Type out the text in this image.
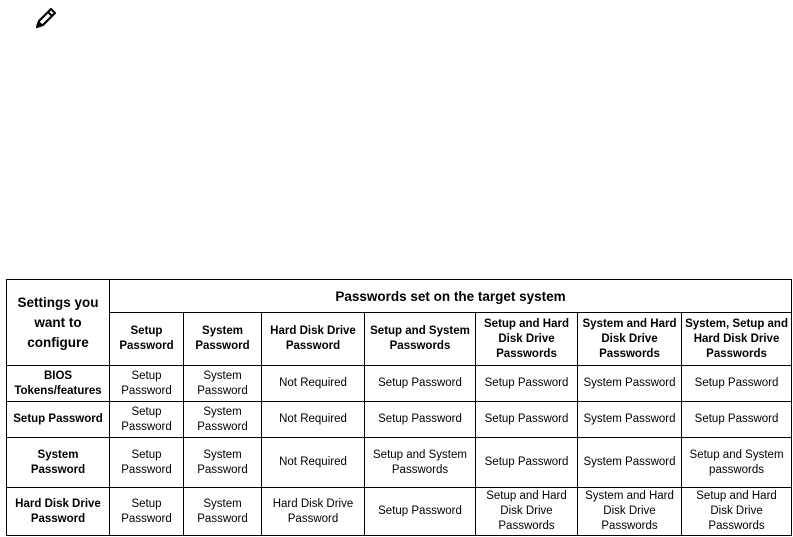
Settings you want to configure	Passwords set on the target system						
	Setup Password	System Password	Hard Disk Drive Password	Setup and System Passwords	Setup and Hard Disk Drive Passwords	System and Hard Disk Drive Passwords	System, Setup and Hard Disk Drive Passwords
BIOS Tokens/features	Setup Password	System Password	Not Required	Setup Password	Setup Password	System Password	Setup Password
Setup Password	Setup Password	System Password	Not Required	Setup Password	Setup Password	System Password	Setup Password
System Password	Setup Password	System Password	Not Required	Setup and System Passwords	Setup Password	System Password	Setup and System passwords
Hard Disk Drive Password	Setup Password	System Password	Hard Disk Drive Password	Setup Password	Setup and Hard Disk Drive Passwords	System and Hard Disk Drive Passwords	Setup and Hard Disk Drive Passwords
